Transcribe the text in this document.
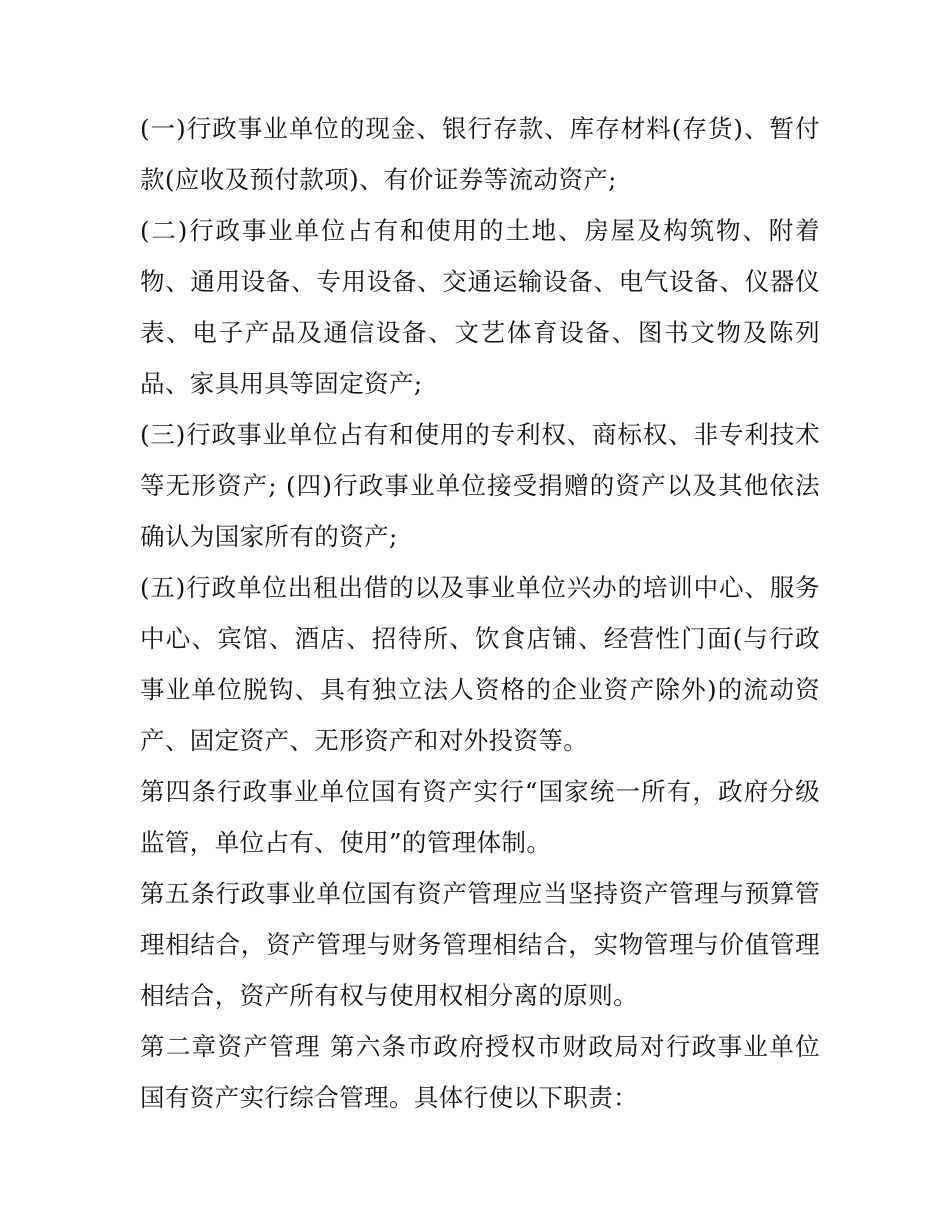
(一)行政事业单位的现金、银行存款、库存材料(存货)、暂付款(应收及预付款项)、有价证券等流动资产;

(二)行政事业单位占有和使用的土地、房屋及构筑物、附着物、通用设备、专用设备、交通运输设备、电气设备、仪器仪表、电子产品及通信设备、文艺体育设备、图书文物及陈列品、家具用具等固定资产;

(三)行政事业单位占有和使用的专利权、商标权、非专利技术等无形资产; (四)行政事业单位接受捐赠的资产以及其他依法确认为国家所有的资产;

(五)行政单位出租出借的以及事业单位兴办的培训中心、服务中心、宾馆、酒店、招待所、饮食店铺、经营性门面(与行政事业单位脱钩、具有独立法人资格的企业资产除外)的流动资产、固定资产、无形资产和对外投资等。

第四条行政事业单位国有资产实行“国家统一所有，政府分级监管，单位占有、使用”的管理体制。

第五条行政事业单位国有资产管理应当坚持资产管理与预算管理相结合，资产管理与财务管理相结合，实物管理与价值管理相结合，资产所有权与使用权相分离的原则。

第二章资产管理 第六条市政府授权市财政局对行政事业单位国有资产实行综合管理。具体行使以下职责：
